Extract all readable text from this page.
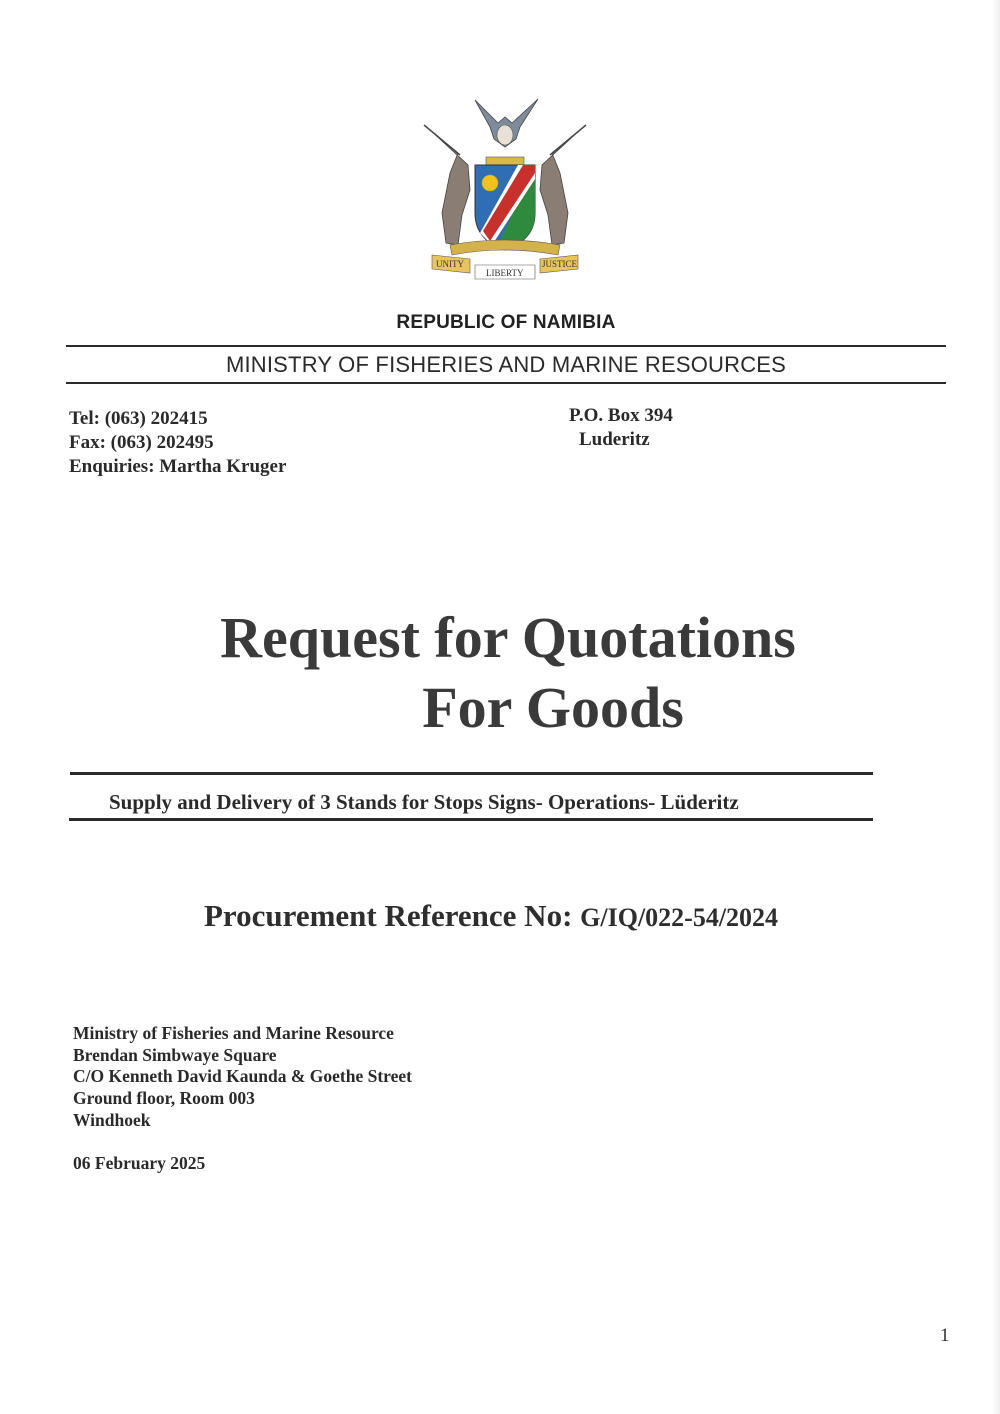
UNITY
LIBERTY
JUSTICE
REPUBLIC OF NAMIBIA
MINISTRY OF FISHERIES AND MARINE RESOURCES
Tel: (063) 202415
Fax: (063) 202495
Enquiries: Martha Kruger
P.O. Box 394
Luderitz
Request for Quotations
For Goods
Supply and Delivery of 3 Stands for Stops Signs- Operations- Lüderitz
Procurement Reference No: G/IQ/022-54/2024
Ministry of Fisheries and Marine Resource
Brendan Simbwaye Square
C/O Kenneth David Kaunda & Goethe Street
Ground floor, Room 003
Windhoek
06 February 2025
1
